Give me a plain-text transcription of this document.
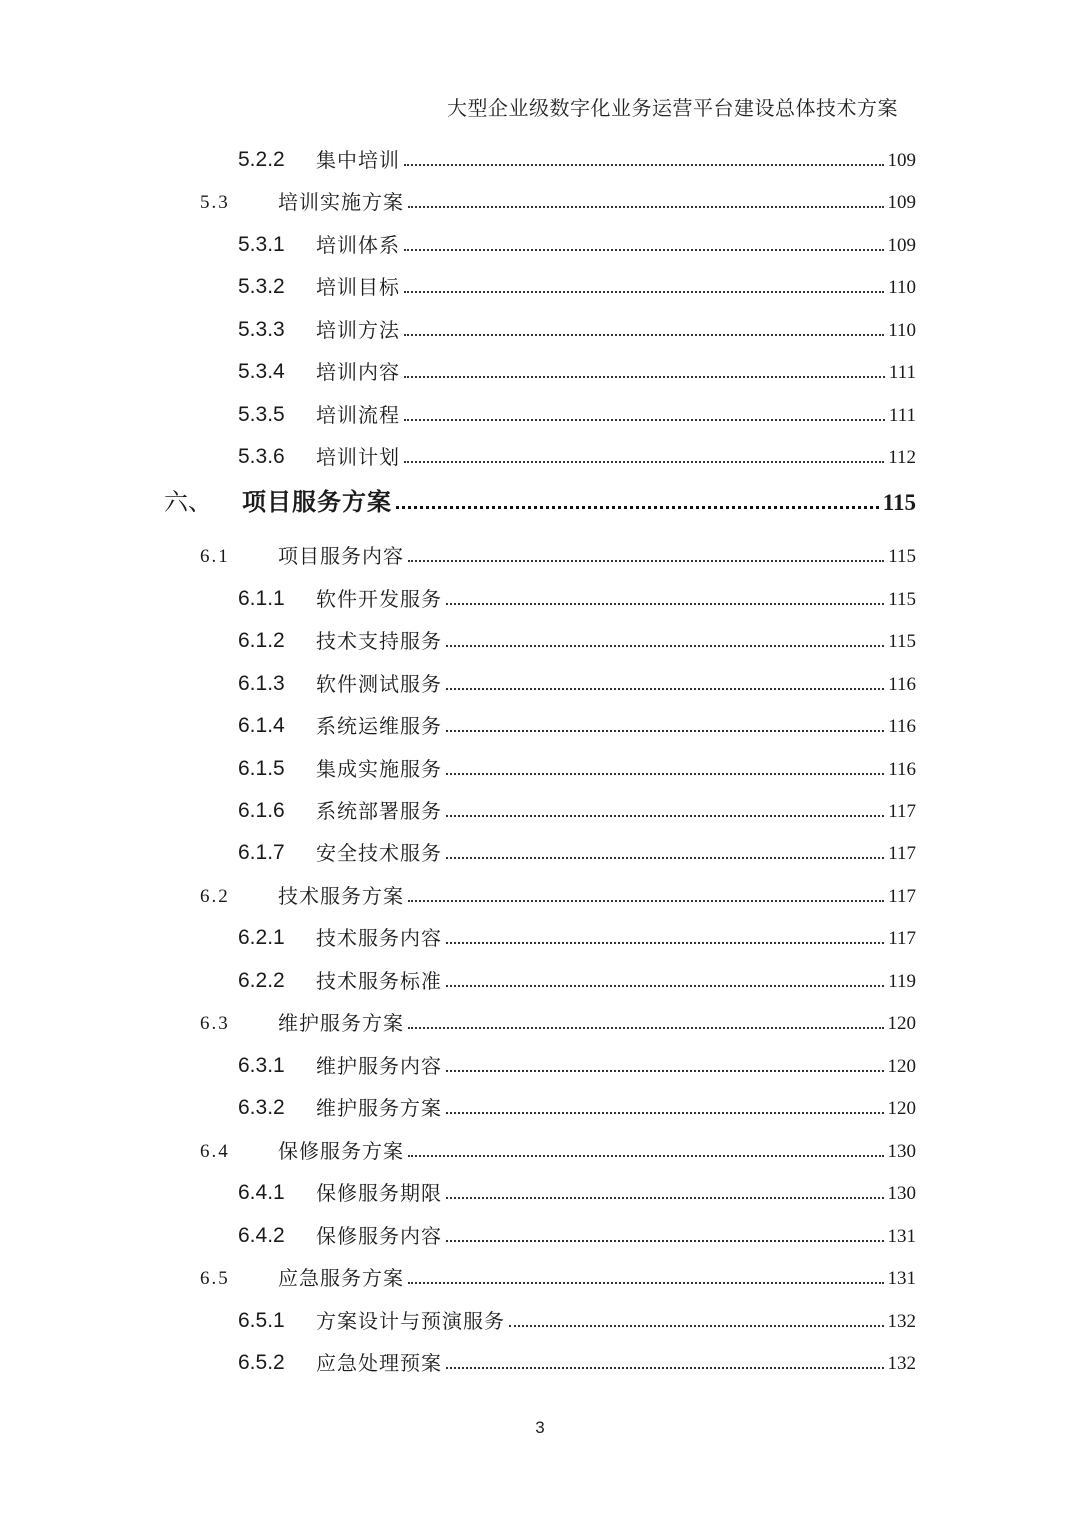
大型企业级数字化业务运营平台建设总体技术方案
5.2.2 集中培训	109
5.3 培训实施方案	109
5.3.1 培训体系	109
5.3.2 培训目标	110
5.3.3 培训方法	110
5.3.4 培训内容	111
5.3.5 培训流程	111
5.3.6 培训计划	112
六、 项目服务方案	115
6.1 项目服务内容	115
6.1.1 软件开发服务	115
6.1.2 技术支持服务	115
6.1.3 软件测试服务	116
6.1.4 系统运维服务	116
6.1.5 集成实施服务	116
6.1.6 系统部署服务	117
6.1.7 安全技术服务	117
6.2 技术服务方案	117
6.2.1 技术服务内容	117
6.2.2 技术服务标准	119
6.3 维护服务方案	120
6.3.1 维护服务内容	120
6.3.2 维护服务方案	120
6.4 保修服务方案	130
6.4.1 保修服务期限	130
6.4.2 保修服务内容	131
6.5 应急服务方案	131
6.5.1 方案设计与预演服务	132
6.5.2 应急处理预案	132
3
